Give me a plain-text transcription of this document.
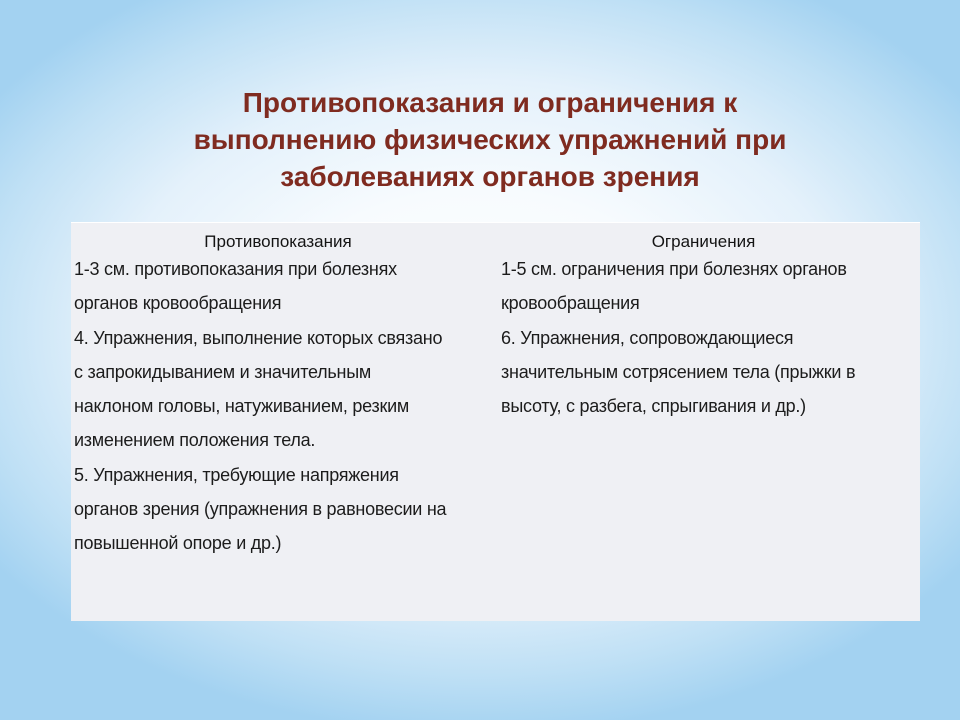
Противопоказания и ограничения к
выполнению физических упражнений при
заболеваниях органов зрения
Противопоказания

1-3 см. противопоказания при болезнях
органов кровообращения
4. Упражнения, выполнение которых связано
с запрокидыванием и значительным
наклоном головы, натуживанием, резким
изменением положения тела.
5. Упражнения, требующие напряжения
органов зрения (упражнения в равновесии на
повышенной опоре и др.)

Ограничения

1-5 см. ограничения при болезнях органов
кровообращения
6. Упражнения, сопровождающиеся
значительным сотрясением тела (прыжки в
высоту, с разбега, спрыгивания и др.)
